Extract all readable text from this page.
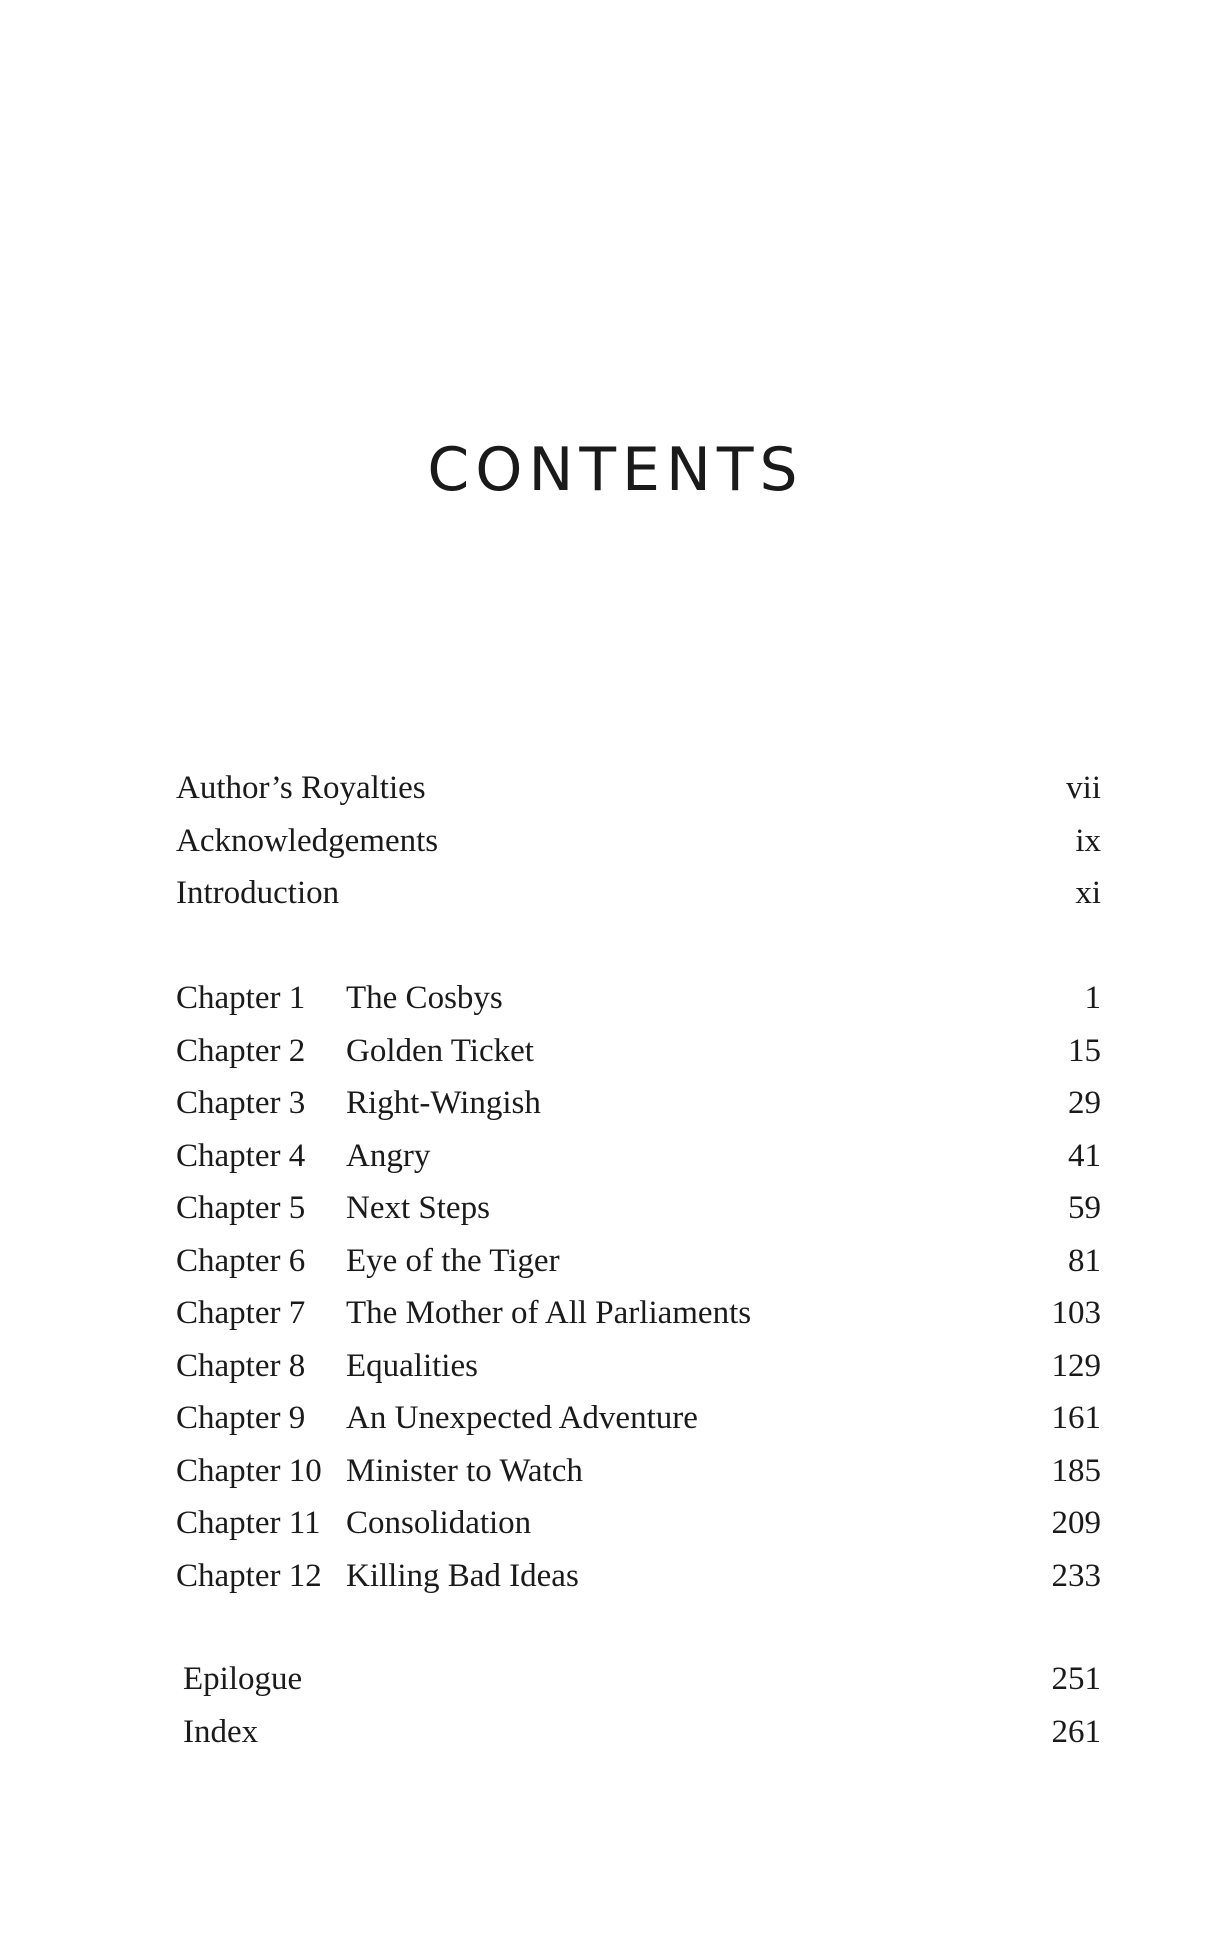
CONTENTS
Author’s Royalties	vii
Acknowledgements	ix
Introduction	xi
Chapter 1 The Cosbys	1
Chapter 2 Golden Ticket	15
Chapter 3 Right-Wingish	29
Chapter 4 Angry	41
Chapter 5 Next Steps	59
Chapter 6 Eye of the Tiger	81
Chapter 7 The Mother of All Parliaments	103
Chapter 8 Equalities	129
Chapter 9 An Unexpected Adventure	161
Chapter 10 Minister to Watch	185
Chapter 11 Consolidation	209
Chapter 12 Killing Bad Ideas	233
Epilogue	251
Index	261
